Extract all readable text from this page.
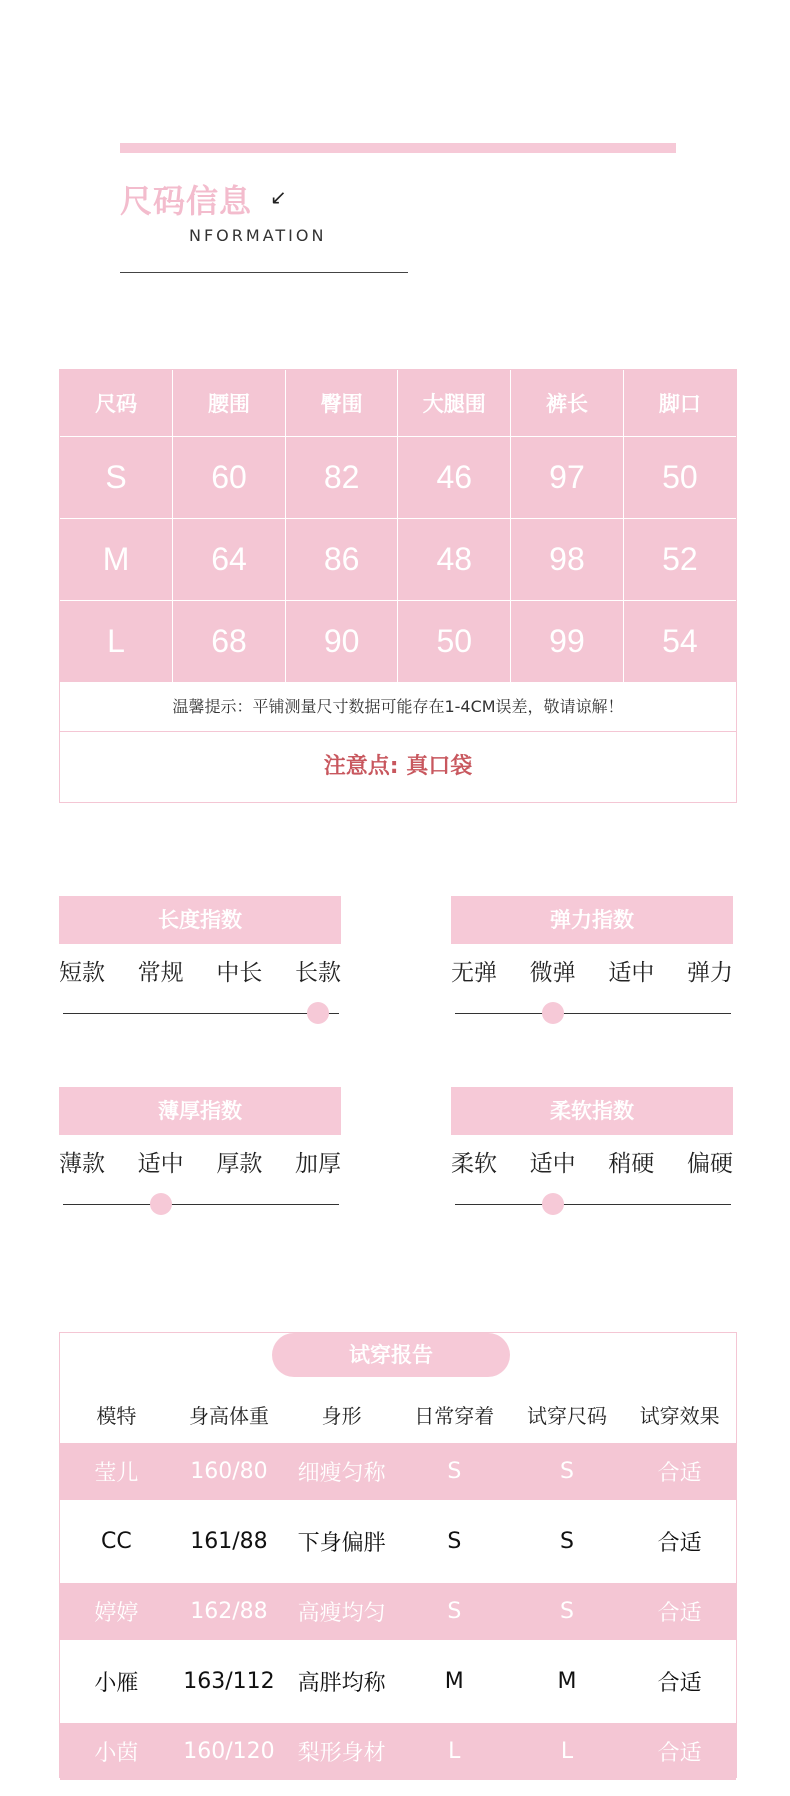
尺码信息 ↙
NFORMATION
尺码	腰围	臀围	大腿围	裤长	脚口
S	60	82	46	97	50
M	64	86	48	98	52
L	68	90	50	99	54
温馨提示：平铺测量尺寸数据可能存在1-4CM误差，敬请谅解！
注意点: 真口袋
长度指数
短款 常规 中长 长款
弹力指数
无弹 微弹 适中 弹力
薄厚指数
薄款 适中 厚款 加厚
柔软指数
柔软 适中 稍硬 偏硬
试穿报告
模特	身高体重	身形	日常穿着	试穿尺码	试穿效果
莹儿	160/80	细瘦匀称	S	S	合适
CC	161/88	下身偏胖	S	S	合适
婷婷	162/88	高瘦均匀	S	S	合适
小雁	163/112	高胖均称	M	M	合适
小茵	160/120	梨形身材	L	L	合适
